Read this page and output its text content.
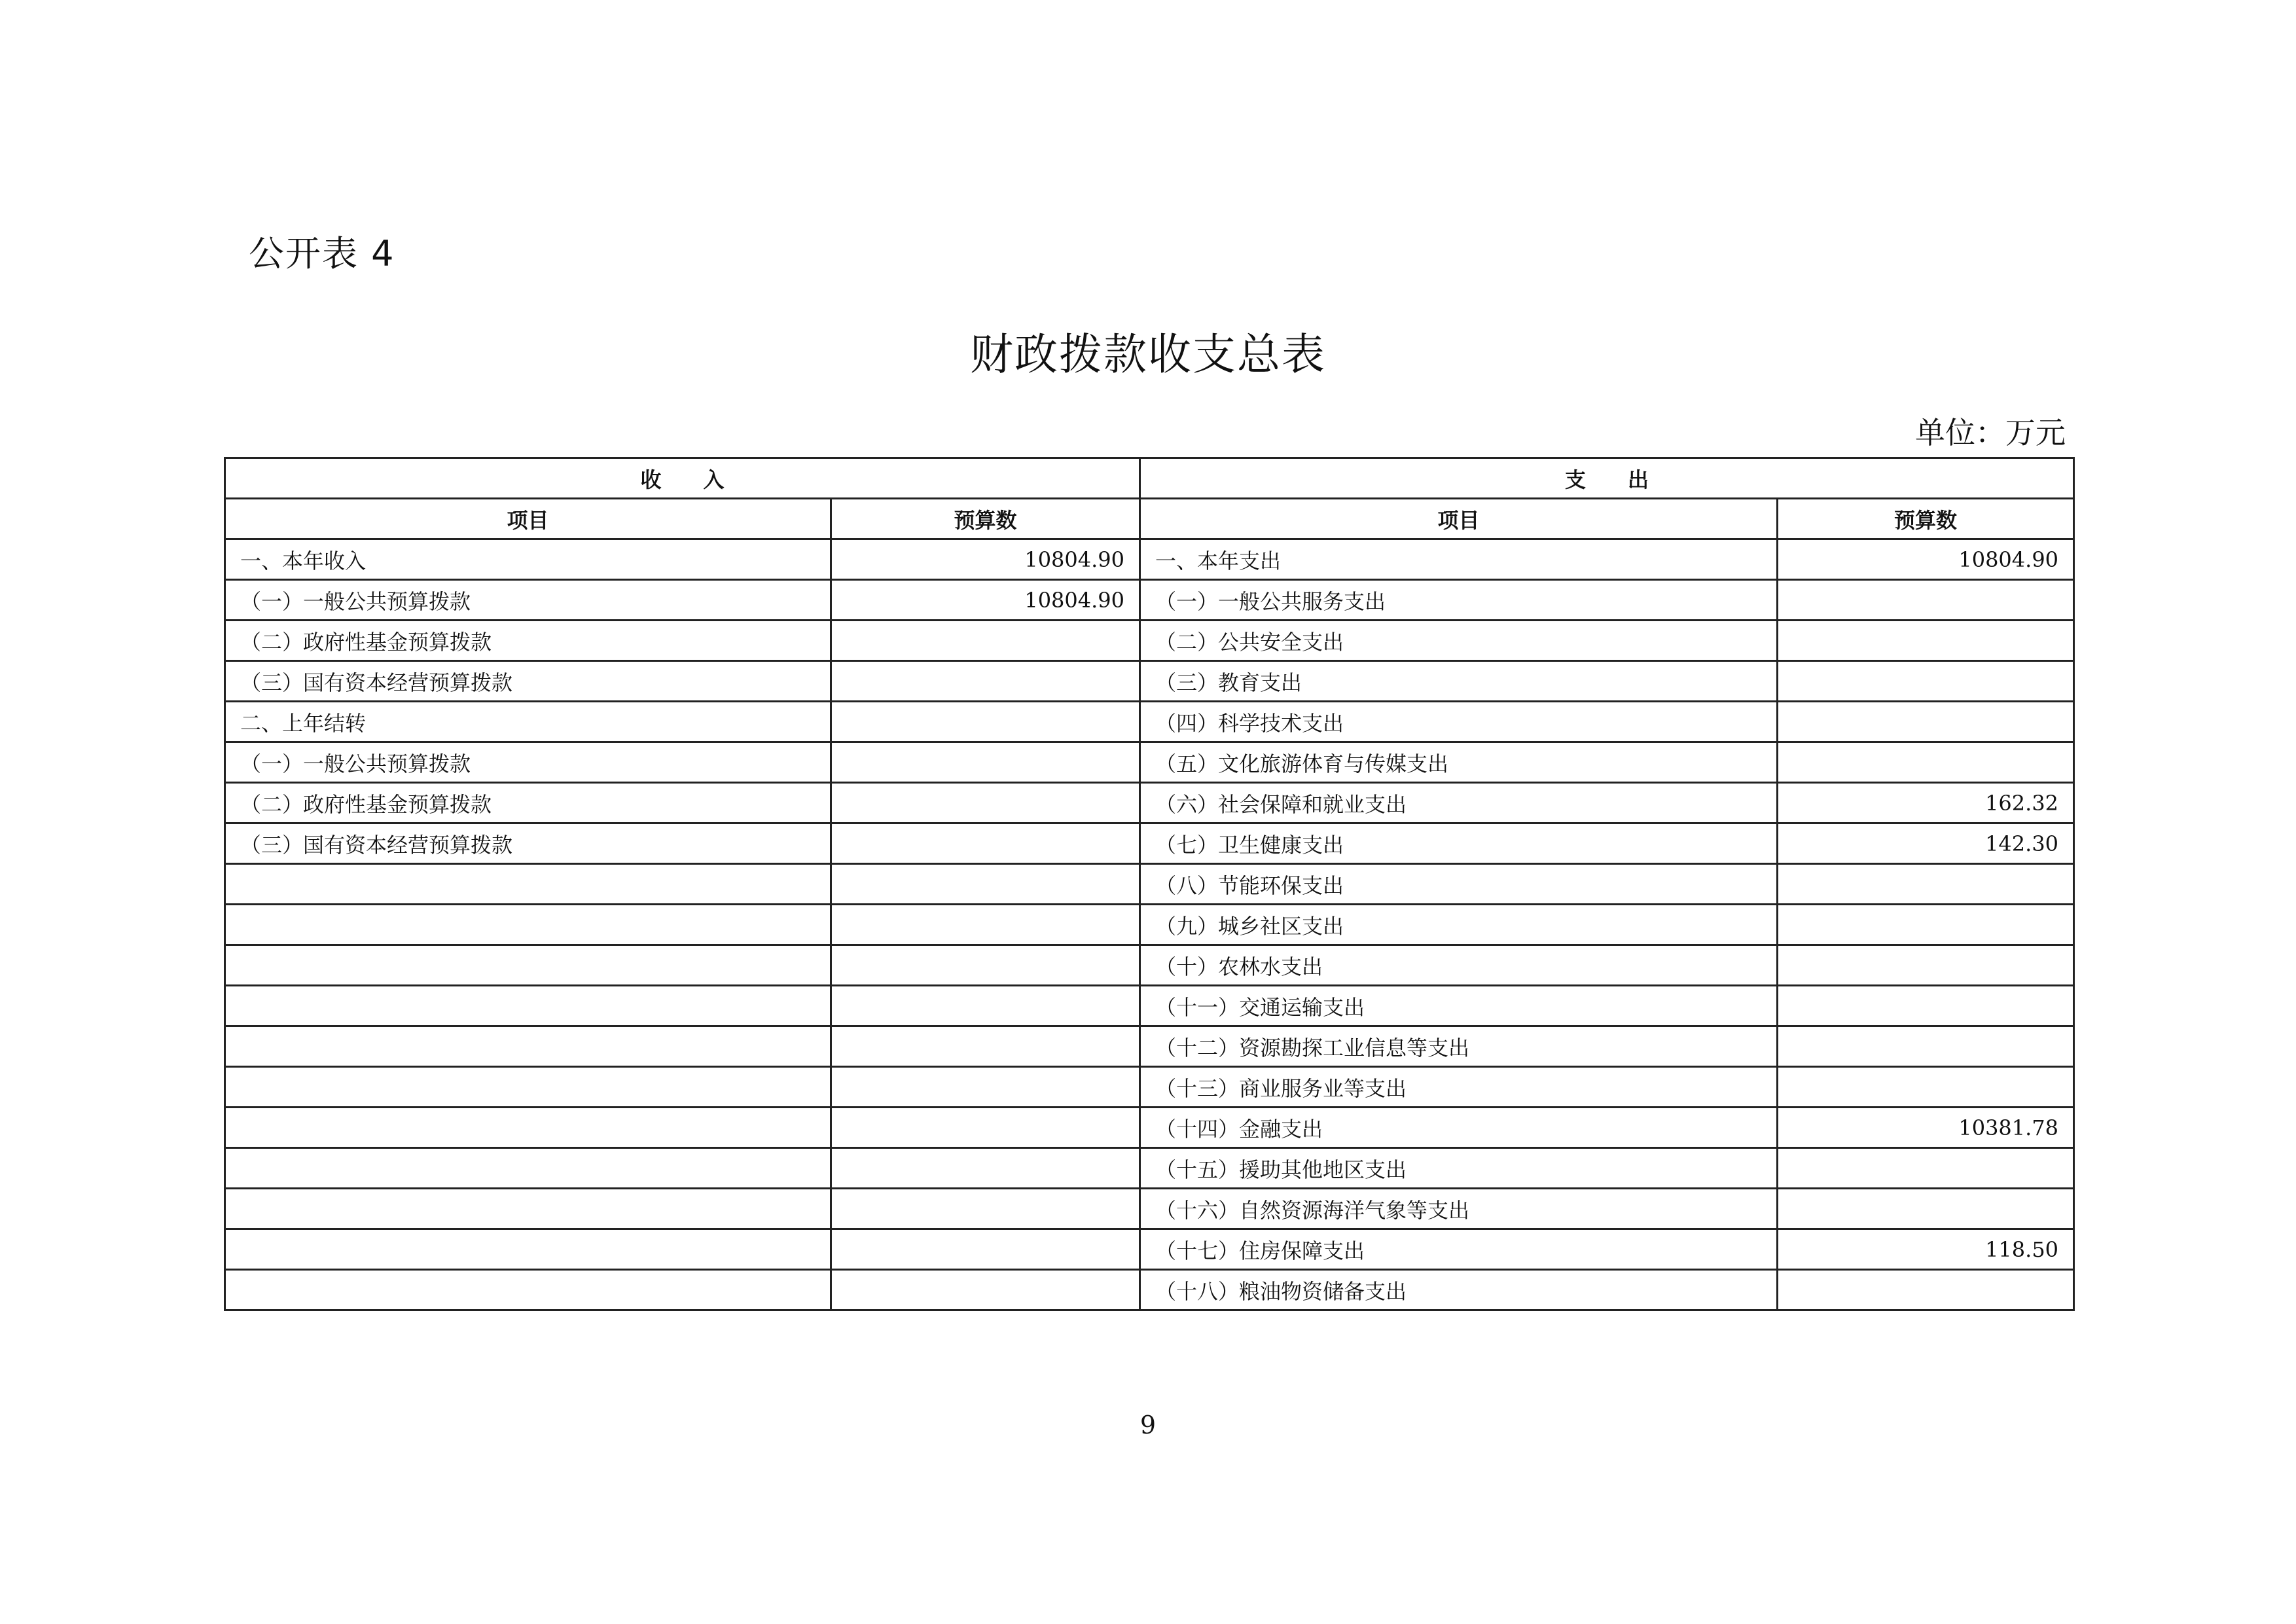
公开表 4
财政拨款收支总表
单位：万元
收　　入		支　　出	
项目	预算数	项目	预算数
一、本年收入	10804.90	一、本年支出	10804.90
（一）一般公共预算拨款	10804.90	（一）一般公共服务支出	
（二）政府性基金预算拨款		（二）公共安全支出	
（三）国有资本经营预算拨款		（三）教育支出	
二、上年结转		（四）科学技术支出	
（一）一般公共预算拨款		（五）文化旅游体育与传媒支出	
（二）政府性基金预算拨款		（六）社会保障和就业支出	162.32
（三）国有资本经营预算拨款		（七）卫生健康支出	142.30
		（八）节能环保支出	
		（九）城乡社区支出	
		（十）农林水支出	
		（十一）交通运输支出	
		（十二）资源勘探工业信息等支出	
		（十三）商业服务业等支出	
		（十四）金融支出	10381.78
		（十五）援助其他地区支出	
		（十六）自然资源海洋气象等支出	
		（十七）住房保障支出	118.50
		（十八）粮油物资储备支出	
9
